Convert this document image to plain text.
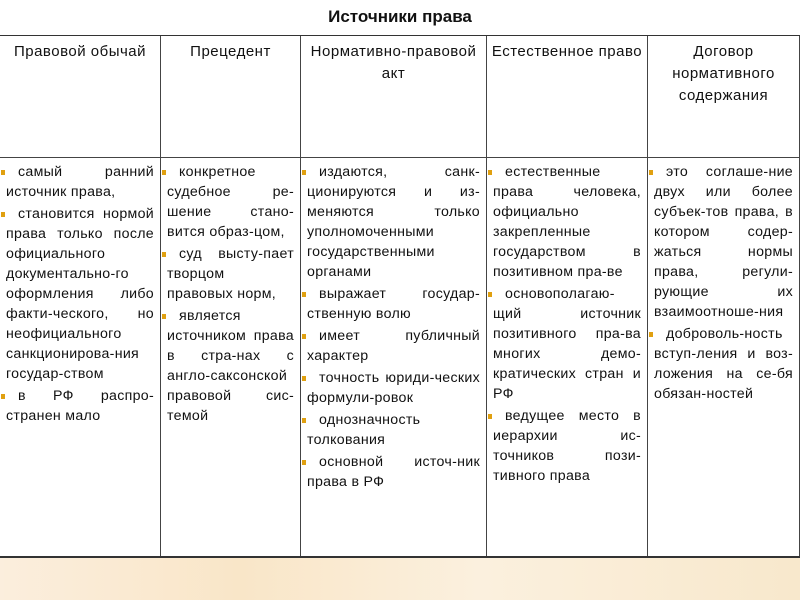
Источники права
Правовой обычай

самый ранний источник права,

становится нормой права только после официального документально-го оформления либо факти-ческого, но неофициального санкционирова-ния государ-ством

в РФ распро-странен мало

Прецедент

конкретное судебное ре-шение стано-вится образ-цом,

суд высту-пает творцом правовых норм,

является источником права в стра-нах с англо-саксонской правовой сис-темой

Нормативно-правовой акт

издаются, санк-ционируются и из-меняются только уполномоченными государственными органами

выражает государ-ственную волю

имеет публичный характер

точность юриди-ческих формули-ровок

однозначность толкования

основной источ-ник права в РФ

Естественное право

естественные права человека, официально закрепленные государством в позитивном пра-ве

основополагаю-щий источник позитивного пра-ва многих демо-кратических стран и РФ

ведущее место в иерархии ис-точников пози-тивного права

Договор нормативного содержания

это соглаше-ние двух или более субъек-тов права, в котором содер-жаться нормы права, регули-рующие их взаимоотноше-ния

доброволь-ность вступ-ления и воз-ложения на се-бя обязан-ностей
